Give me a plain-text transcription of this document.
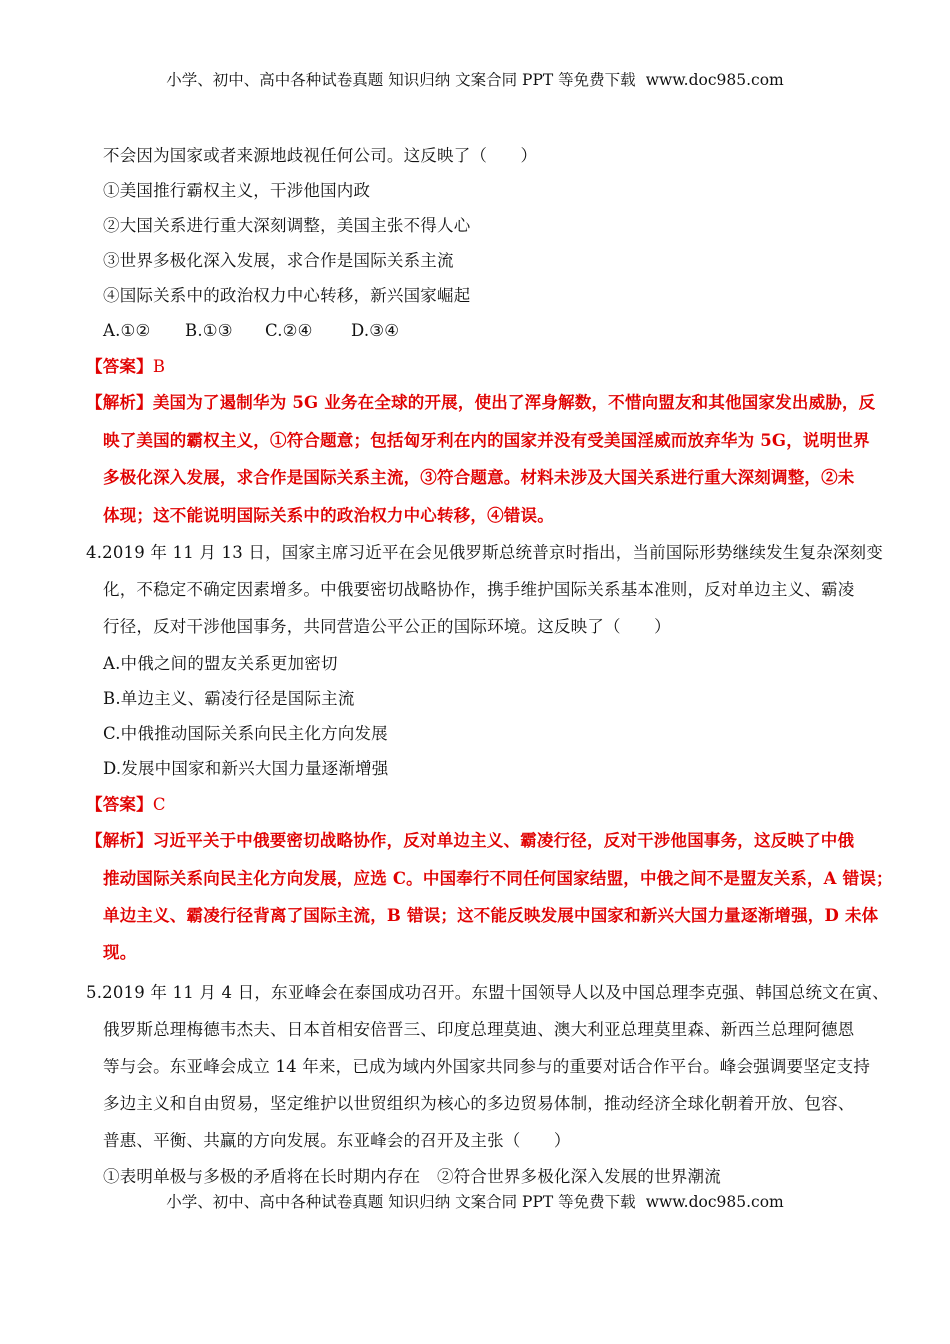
小学、初中、高中各种试卷真题 知识归纳 文案合同 PPT 等免费下载 www.doc985.com
不会因为国家或者来源地歧视任何公司。这反映了（　　）
①美国推行霸权主义，干涉他国内政
②大国关系进行重大深刻调整，美国主张不得人心
③世界多极化深入发展，求合作是国际关系主流
④国际关系中的政治权力中心转移，新兴国家崛起
A.①② B.①③ C.②④ D.③④
【答案】B
【解析】美国为了遏制华为 5G 业务在全球的开展，使出了浑身解数，不惜向盟友和其他国家发出威胁，反
映了美国的霸权主义，①符合题意；包括匈牙利在内的国家并没有受美国淫威而放弃华为 5G，说明世界
多极化深入发展，求合作是国际关系主流，③符合题意。材料未涉及大国关系进行重大深刻调整，②未
体现；这不能说明国际关系中的政治权力中心转移，④错误。
4.2019 年 11 月 13 日，国家主席习近平在会见俄罗斯总统普京时指出，当前国际形势继续发生复杂深刻变
化，不稳定不确定因素增多。中俄要密切战略协作，携手维护国际关系基本准则，反对单边主义、霸凌
行径，反对干涉他国事务，共同营造公平公正的国际环境。这反映了（　　）
A.中俄之间的盟友关系更加密切
B.单边主义、霸凌行径是国际主流
C.中俄推动国际关系向民主化方向发展
D.发展中国家和新兴大国力量逐渐增强
【答案】C
【解析】习近平关于中俄要密切战略协作，反对单边主义、霸凌行径，反对干涉他国事务，这反映了中俄
推动国际关系向民主化方向发展，应选 C。中国奉行不同任何国家结盟，中俄之间不是盟友关系，A 错误；
单边主义、霸凌行径背离了国际主流，B 错误；这不能反映发展中国家和新兴大国力量逐渐增强，D 未体
现。
5.2019 年 11 月 4 日，东亚峰会在泰国成功召开。东盟十国领导人以及中国总理李克强、韩国总统文在寅、
俄罗斯总理梅德韦杰夫、日本首相安倍晋三、印度总理莫迪、澳大利亚总理莫里森、新西兰总理阿德恩
等与会。东亚峰会成立 14 年来，已成为域内外国家共同参与的重要对话合作平台。峰会强调要坚定支持
多边主义和自由贸易，坚定维护以世贸组织为核心的多边贸易体制，推动经济全球化朝着开放、包容、
普惠、平衡、共赢的方向发展。东亚峰会的召开及主张（　　）
①表明单极与多极的矛盾将在长时期内存在　②符合世界多极化深入发展的世界潮流
小学、初中、高中各种试卷真题 知识归纳 文案合同 PPT 等免费下载 www.doc985.com
